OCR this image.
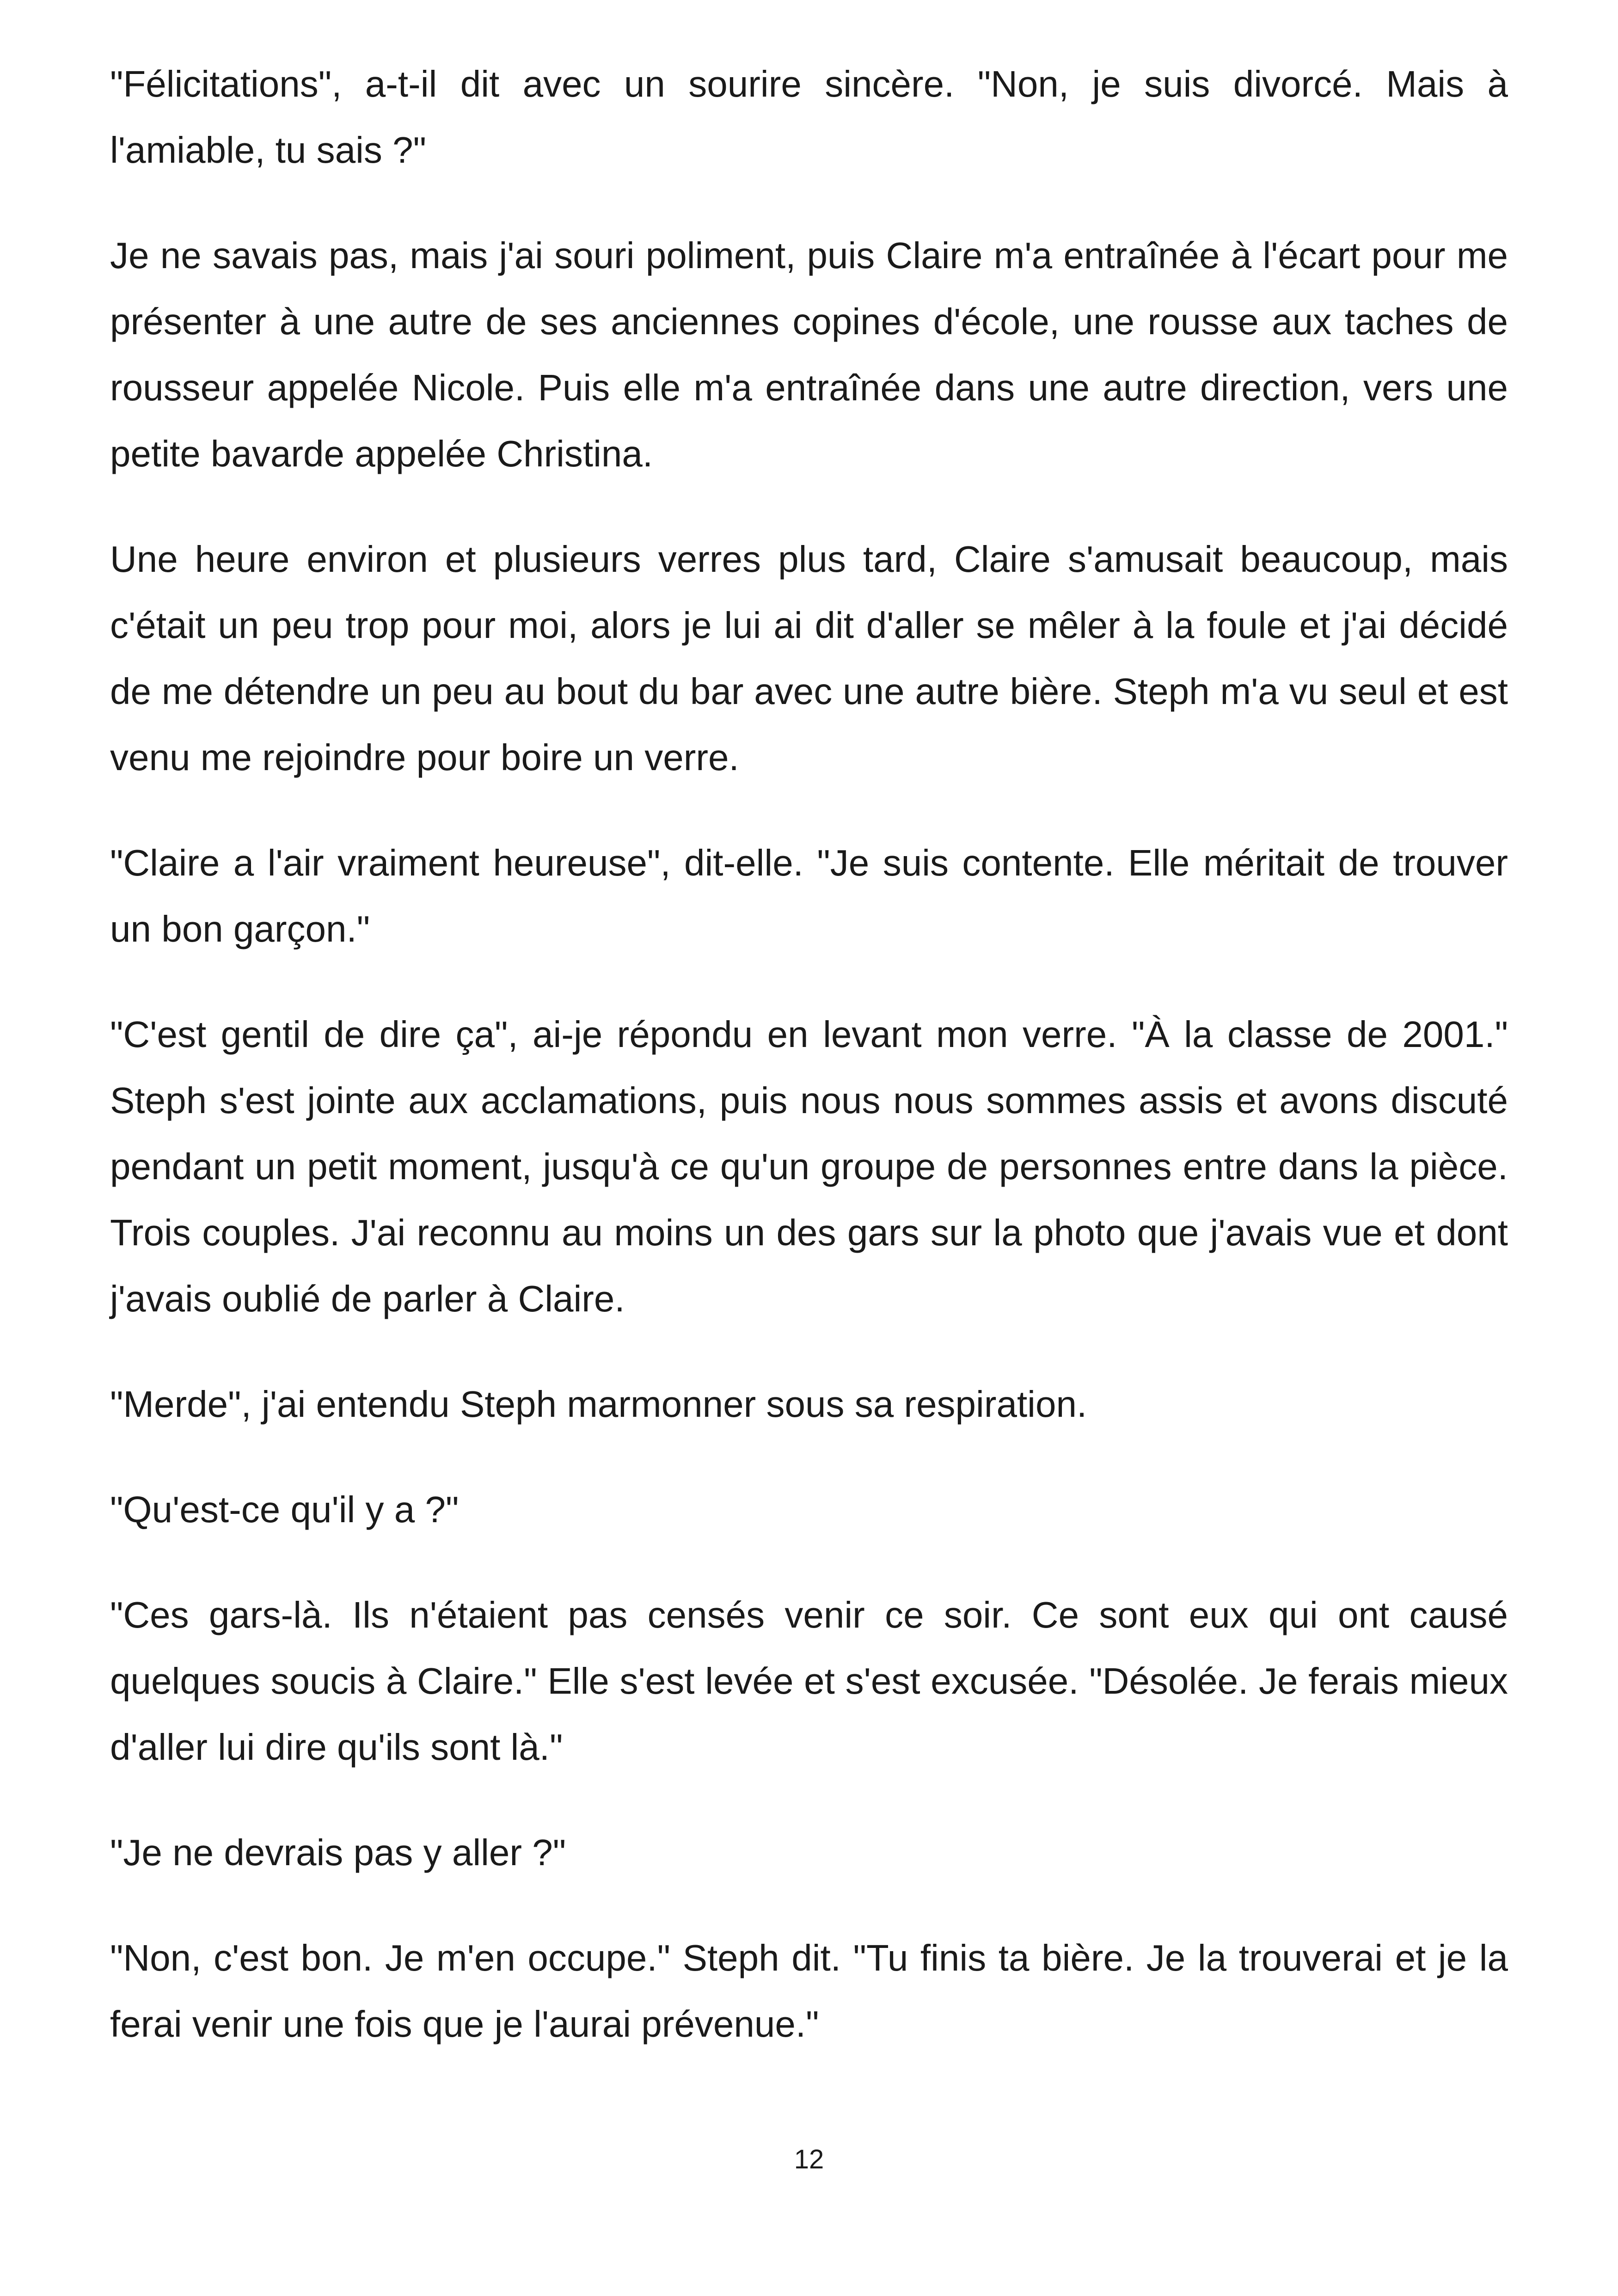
"Félicitations", a-t-il dit avec un sourire sincère. "Non, je suis divorcé. Mais à l'amiable, tu sais ?"

Je ne savais pas, mais j'ai souri poliment, puis Claire m'a entraînée à l'écart pour me présenter à une autre de ses anciennes copines d'école, une rousse aux taches de rousseur appelée Nicole. Puis elle m'a entraînée dans une autre direction, vers une petite bavarde appelée Christina.

Une heure environ et plusieurs verres plus tard, Claire s'amusait beaucoup, mais c'était un peu trop pour moi, alors je lui ai dit d'aller se mêler à la foule et j'ai décidé de me détendre un peu au bout du bar avec une autre bière. Steph m'a vu seul et est venu me rejoindre pour boire un verre.

"Claire a l'air vraiment heureuse", dit-elle. "Je suis contente. Elle méritait de trouver un bon garçon."

"C'est gentil de dire ça", ai-je répondu en levant mon verre. "À la classe de 2001." Steph s'est jointe aux acclamations, puis nous nous sommes assis et avons discuté pendant un petit moment, jusqu'à ce qu'un groupe de personnes entre dans la pièce. Trois couples. J'ai reconnu au moins un des gars sur la photo que j'avais vue et dont j'avais oublié de parler à Claire.

"Merde", j'ai entendu Steph marmonner sous sa respiration.

"Qu'est-ce qu'il y a ?"

"Ces gars-là. Ils n'étaient pas censés venir ce soir. Ce sont eux qui ont causé quelques soucis à Claire." Elle s'est levée et s'est excusée. "Désolée. Je ferais mieux d'aller lui dire qu'ils sont là."

"Je ne devrais pas y aller ?"

"Non, c'est bon. Je m'en occupe." Steph dit. "Tu finis ta bière. Je la trouverai et je la ferai venir une fois que je l'aurai prévenue."

12
